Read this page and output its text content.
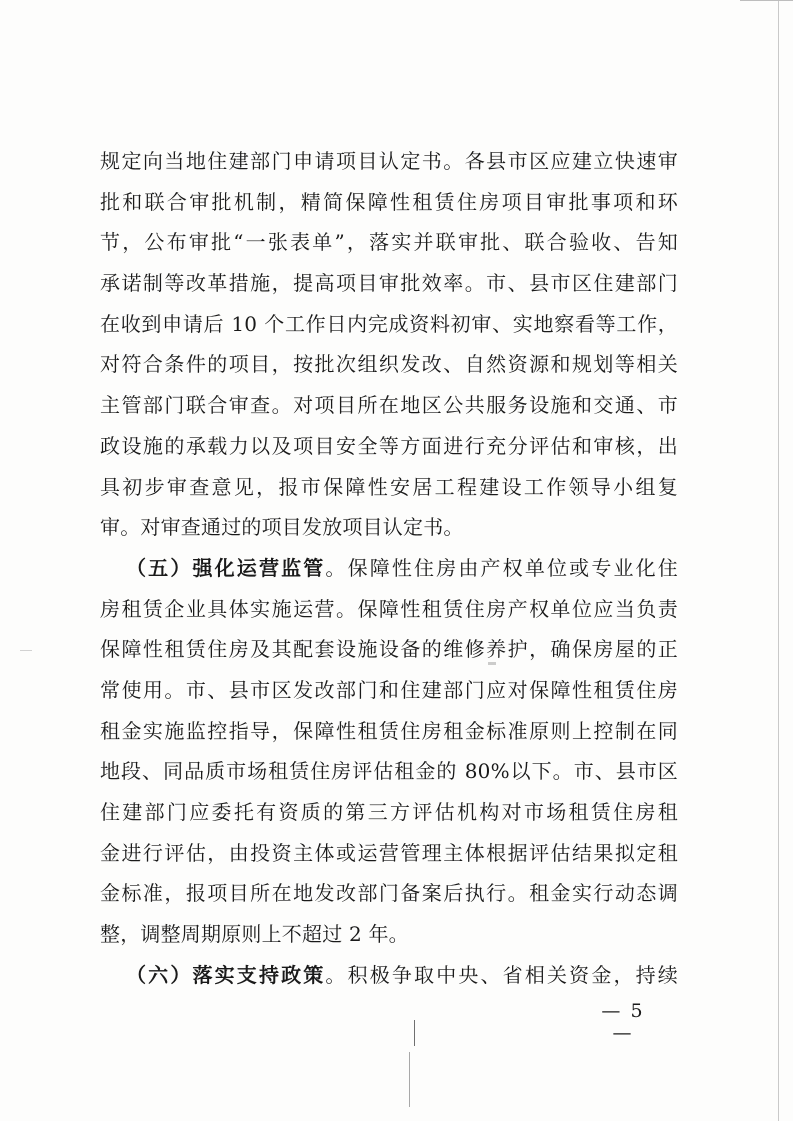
规定向当地住建部门申请项目认定书。各县市区应建立快速审
批和联合审批机制，精简保障性租赁住房项目审批事项和环
节，公布审批“一张表单”，落实并联审批、联合验收、告知
承诺制等改革措施，提高项目审批效率。市、县市区住建部门
在收到申请后 10 个工作日内完成资料初审、实地察看等工作，
对符合条件的项目，按批次组织发改、自然资源和规划等相关
主管部门联合审查。对项目所在地区公共服务设施和交通、市
政设施的承载力以及项目安全等方面进行充分评估和审核，出
具初步审查意见，报市保障性安居工程建设工作领导小组复
审。对审查通过的项目发放项目认定书。
（五）强化运营监管。保障性住房由产权单位或专业化住
房租赁企业具体实施运营。保障性租赁住房产权单位应当负责
保障性租赁住房及其配套设施设备的维修养护，确保房屋的正
常使用。市、县市区发改部门和住建部门应对保障性租赁住房
租金实施监控指导，保障性租赁住房租金标准原则上控制在同
地段、同品质市场租赁住房评估租金的 80%以下。市、县市区
住建部门应委托有资质的第三方评估机构对市场租赁住房租
金进行评估，由投资主体或运营管理主体根据评估结果拟定租
金标准，报项目所在地发改部门备案后执行。租金实行动态调
整，调整周期原则上不超过 2 年。
（六）落实支持政策。积极争取中央、省相关资金，持续
— 5 —
